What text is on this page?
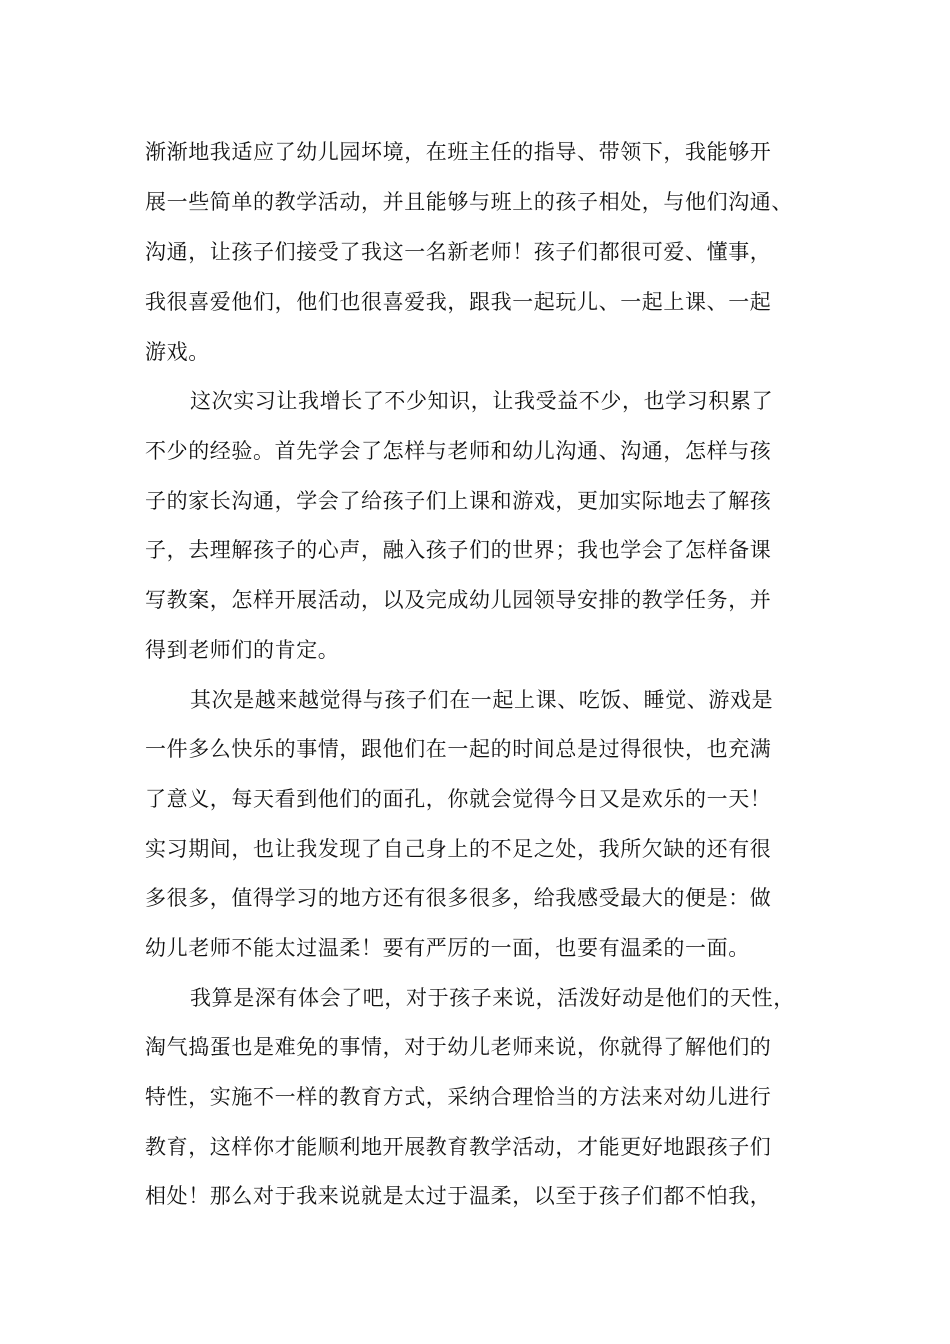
渐渐地我适应了幼儿园坏境，在班主任的指导、带领下，我能够开
展一些简单的教学活动，并且能够与班上的孩子相处，与他们沟通、
沟通，让孩子们接受了我这一名新老师！孩子们都很可爱、懂事，
我很喜爱他们，他们也很喜爱我，跟我一起玩儿、一起上课、一起
游戏。
这次实习让我增长了不少知识，让我受益不少，也学习积累了
不少的经验。首先学会了怎样与老师和幼儿沟通、沟通，怎样与孩
子的家长沟通，学会了给孩子们上课和游戏，更加实际地去了解孩
子，去理解孩子的心声，融入孩子们的世界；我也学会了怎样备课
写教案，怎样开展活动，以及完成幼儿园领导安排的教学任务，并
得到老师们的肯定。
其次是越来越觉得与孩子们在一起上课、吃饭、睡觉、游戏是
一件多么快乐的事情，跟他们在一起的时间总是过得很快，也充满
了意义，每天看到他们的面孔，你就会觉得今日又是欢乐的一天！
实习期间，也让我发现了自己身上的不足之处，我所欠缺的还有很
多很多，值得学习的地方还有很多很多，给我感受最大的便是：做
幼儿老师不能太过温柔！要有严厉的一面，也要有温柔的一面。
我算是深有体会了吧，对于孩子来说，活泼好动是他们的天性，
淘气捣蛋也是难免的事情，对于幼儿老师来说，你就得了解他们的
特性，实施不一样的教育方式，采纳合理恰当的方法来对幼儿进行
教育，这样你才能顺利地开展教育教学活动，才能更好地跟孩子们
相处！那么对于我来说就是太过于温柔，以至于孩子们都不怕我，
